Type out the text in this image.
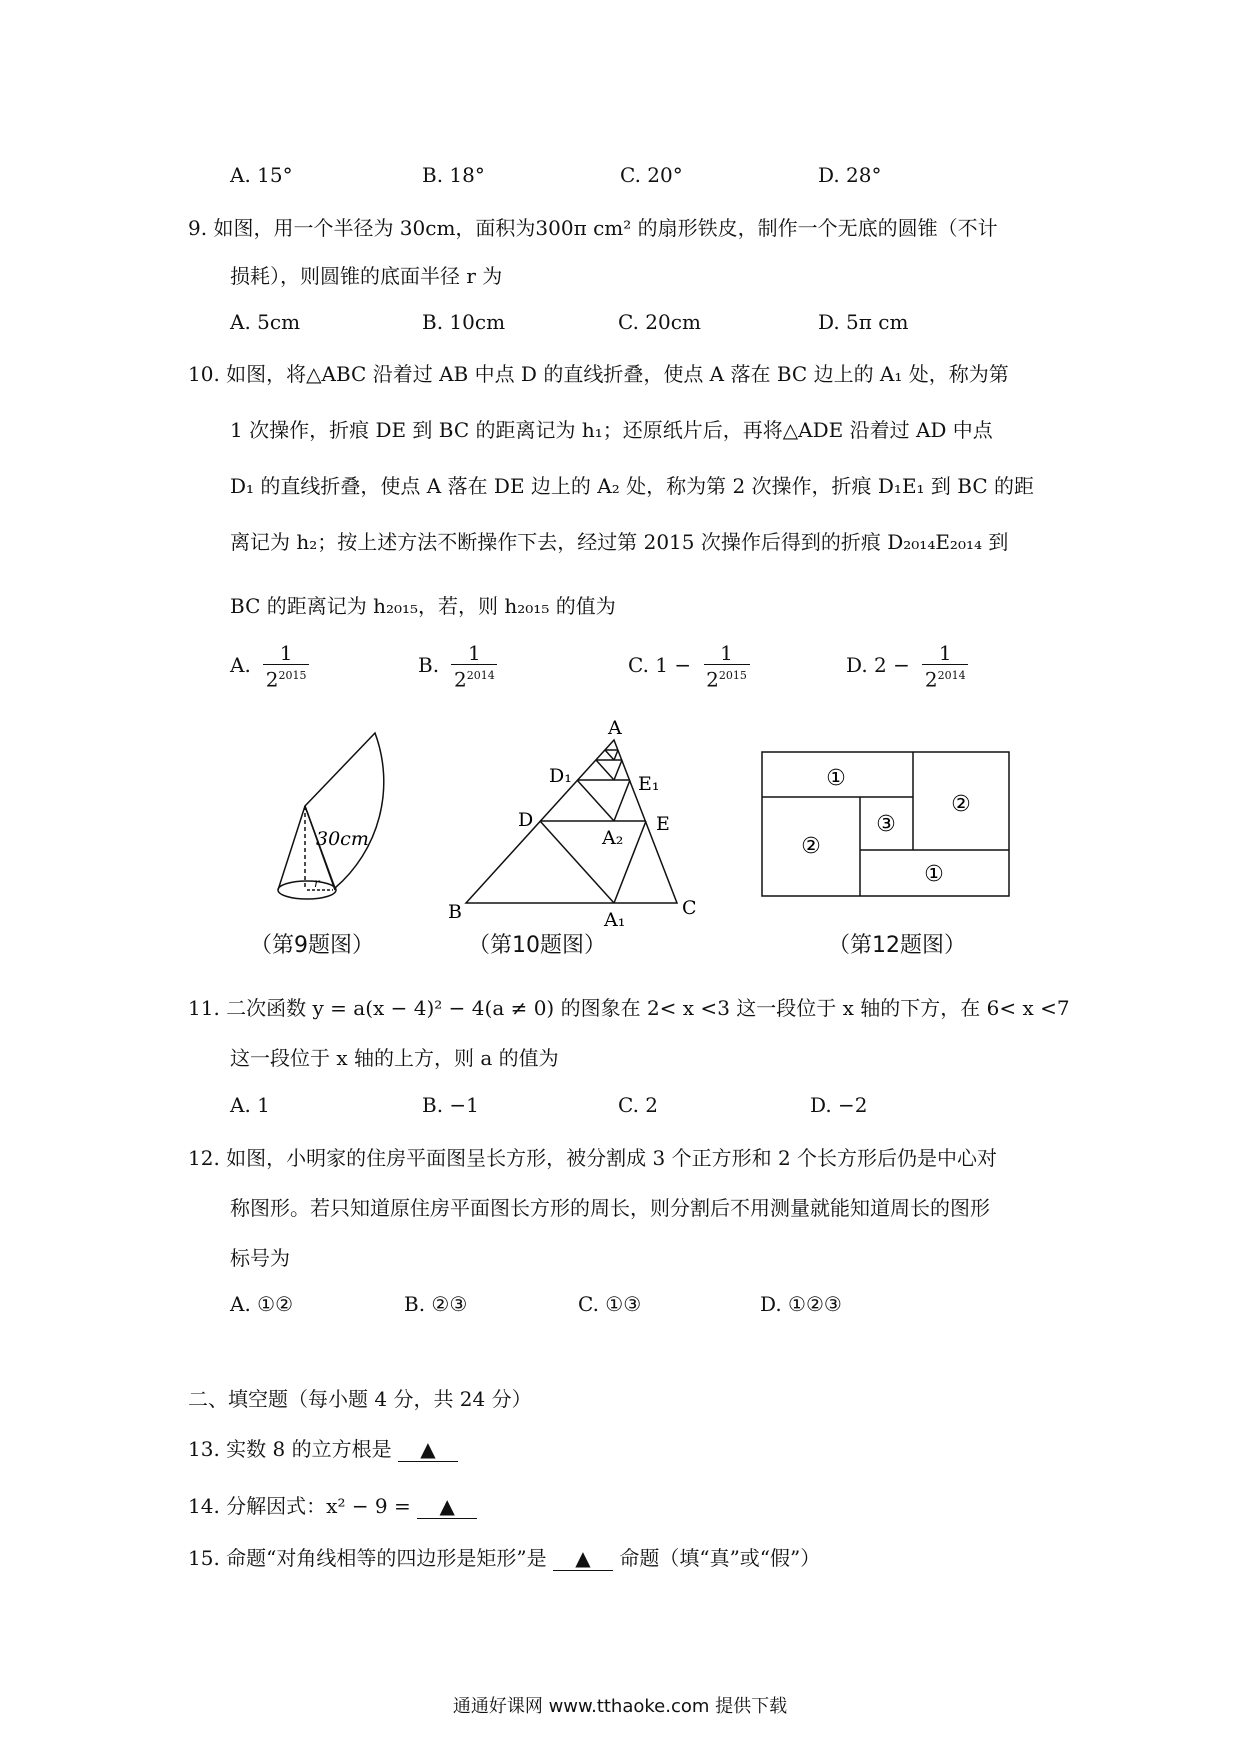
A. 15°	B. 18°	C. 20°	D. 28°
9. 如图，用一个半径为 30cm，面积为300π cm² 的扇形铁皮，制作一个无底的圆锥（不计
损耗），则圆锥的底面半径 r 为
A. 5cm	B. 10cm	C. 20cm	D. 5π cm
10. 如图，将△ABC 沿着过 AB 中点 D 的直线折叠，使点 A 落在 BC 边上的 A₁ 处，称为第
1 次操作，折痕 DE 到 BC 的距离记为 h₁；还原纸片后，再将△ADE 沿着过 AD 中点
D₁ 的直线折叠，使点 A 落在 DE 边上的 A₂ 处，称为第 2 次操作，折痕 D₁E₁ 到 BC 的距
离记为 h₂；按上述方法不断操作下去，经过第 2015 次操作后得到的折痕 D₂₀₁₄E₂₀₁₄ 到
BC 的距离记为 h₂₀₁₅，若，则 h₂₀₁₅ 的值为
A. $\frac{1}{2^{2015}}$	B. $\frac{1}{2^{2014}}$	C. $1 - \frac{1}{2^{2015}}$	D. $2 - \frac{1}{2^{2014}}$
30cm
r
A
D₁	E₁
D	E
A₂
B	A₁
C
①
②
③
②
①
（第9题图）	（第10题图）	（第12题图）
11. 二次函数 y = a(x − 4)² − 4(a ≠ 0) 的图象在 2< x <3 这一段位于 x 轴的下方，在 6< x <7
这一段位于 x 轴的上方，则 a 的值为
A. 1	B. −1	C. 2	D. −2
12. 如图，小明家的住房平面图呈长方形，被分割成 3 个正方形和 2 个长方形后仍是中心对
称图形。若只知道原住房平面图长方形的周长，则分割后不用测量就能知道周长的图形
标号为
A. ①②	B. ②③	C. ①③	D. ①②③
二、填空题（每小题 4 分，共 24 分）
13. 实数 8 的立方根是 ▲
14. 分解因式：x² − 9 = ▲
15. 命题“对角线相等的四边形是矩形”是 ▲ 命题（填“真”或“假”）
通通好课网 www.tthaoke.com 提供下载
